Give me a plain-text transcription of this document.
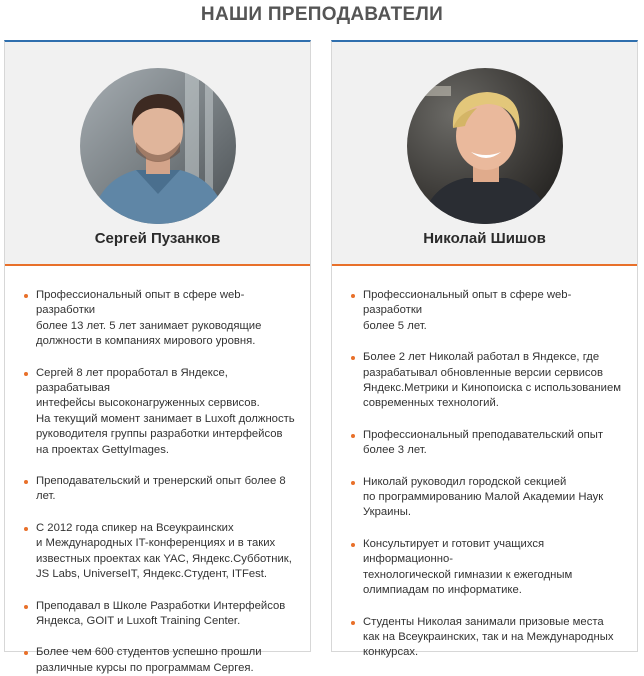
НАШИ ПРЕПОДАВАТЕЛИ
Сергей Пузанков
Профессиональный опыт в сфере web-разработки
более 13 лет. 5 лет занимает руководящие
должности в компаниях мирового уровня.
Сергей 8 лет проработал в Яндексе, разрабатывая
интефейсы высоконагруженных сервисов.
На текущий момент занимает в Luxoft должность
руководителя группы разработки интерфейсов
на проектах GettyImages.
Преподавательский и тренерский опыт более 8 лет.
С 2012 года спикер на Всеукраинских
и Международных IT-конференциях и в таких
известных проектах как YAC, Яндекс.Субботник,
JS Labs, UniverseIT, Яндекс.Студент, ITFest.
Преподавал в Школе Разработки Интерфейсов
Яндекса, GOIT и Luxoft Training Center.
Более чем 600 студентов успешно прошли
различные курсы по программам Сергея.
Николай Шишов
Профессиональный опыт в сфере web-разработки
более 5 лет.
Более 2 лет Николай работал в Яндексе, где
разрабатывал обновленные версии сервисов
Яндекс.Метрики и Кинопоиска с использованием
современных технологий.
Профессиональный преподавательский опыт
более 3 лет.
Николай руководил городской секцией
по программированию Малой Академии Наук
Украины.
Консультирует и готовит учащихся информационно-
технологической гимназии к ежегодным
олимпиадам по информатике.
Студенты Николая занимали призовые места
как на Всеукраинских, так и на Международных
конкурсах.
